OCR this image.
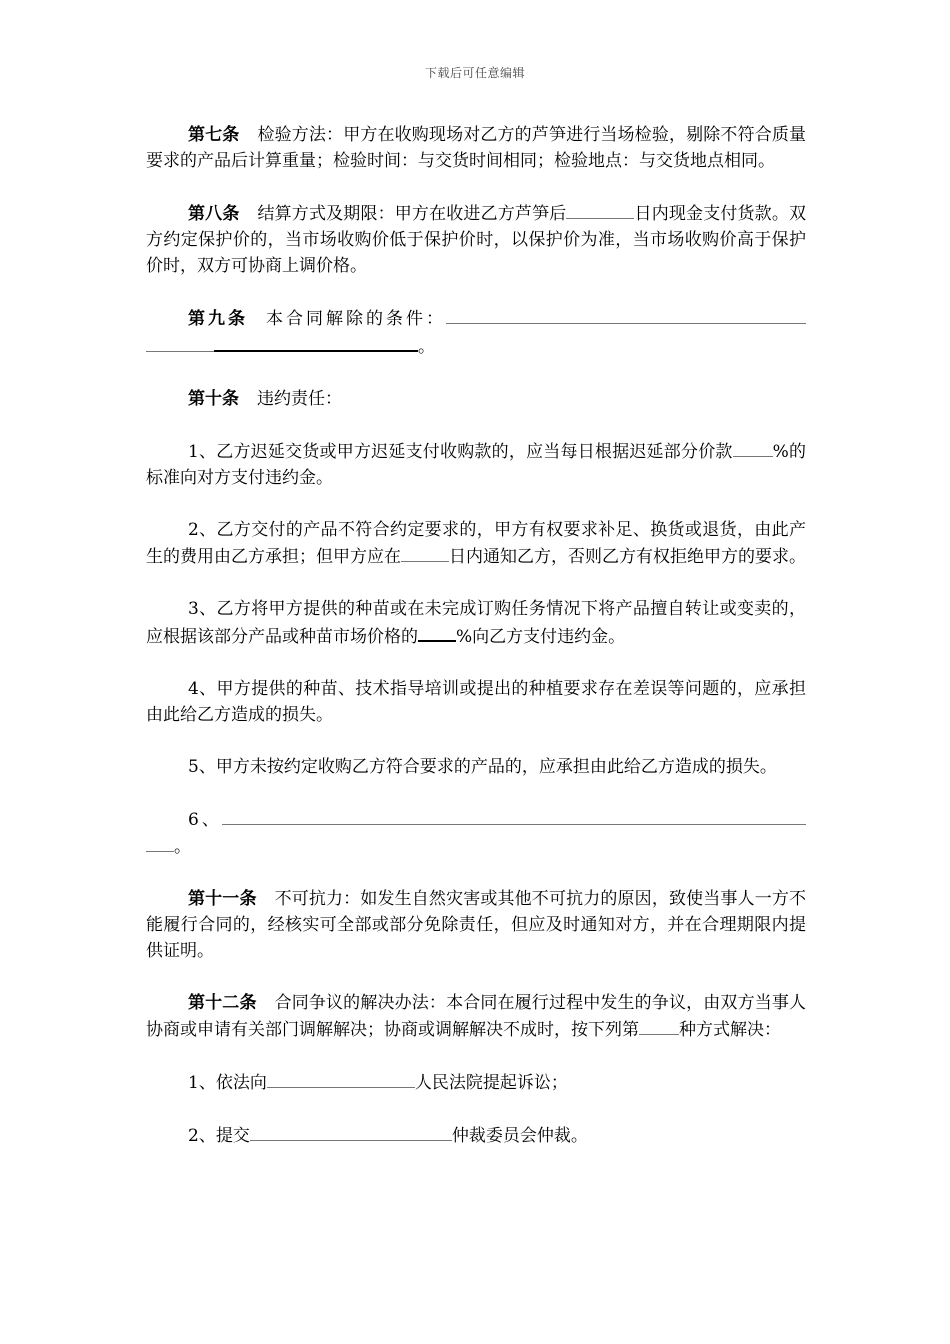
下载后可任意编辑

第七条 检验方法：甲方在收购现场对乙方的芦笋进行当场检验，剔除不符合质量要求的产品后计算重量；检验时间：与交货时间相同；检验地点：与交货地点相同。

第八条 结算方式及期限：甲方在收进乙方芦笋后	日内现金支付货款。双方约定保护价的，当市场收购价低于保护价时，以保护价为准，当市场收购价高于保护价时，双方可协商上调价格。

第九条 本合同解除的条件：。

第十条 违约责任：

1、乙方迟延交货或甲方迟延支付收购款的，应当每日根据迟延部分价款 %的标准向对方支付违约金。

2、乙方交付的产品不符合约定要求的，甲方有权要求补足、换货或退货，由此产生的费用由乙方承担；但甲方应在	日内通知乙方，否则乙方有权拒绝甲方的要求。

3、乙方将甲方提供的种苗或在未完成订购任务情况下将产品擅自转让或变卖的，应根据该部分产品或种苗市场价格的 %向乙方支付违约金。

4、甲方提供的种苗、技术指导培训或提出的种植要求存在差误等问题的，应承担由此给乙方造成的损失。

5、甲方未按约定收购乙方符合要求的产品的，应承担由此给乙方造成的损失。

6、。

第十一条 不可抗力：如发生自然灾害或其他不可抗力的原因，致使当事人一方不能履行合同的，经核实可全部或部分免除责任，但应及时通知对方，并在合理期限内提供证明。

第十二条 合同争议的解决办法：本合同在履行过程中发生的争议，由双方当事人协商或申请有关部门调解解决；协商或调解解决不成时，按下列第 种方式解决：

1、依法向	人民法院提起诉讼；

2、提交	仲裁委员会仲裁。
